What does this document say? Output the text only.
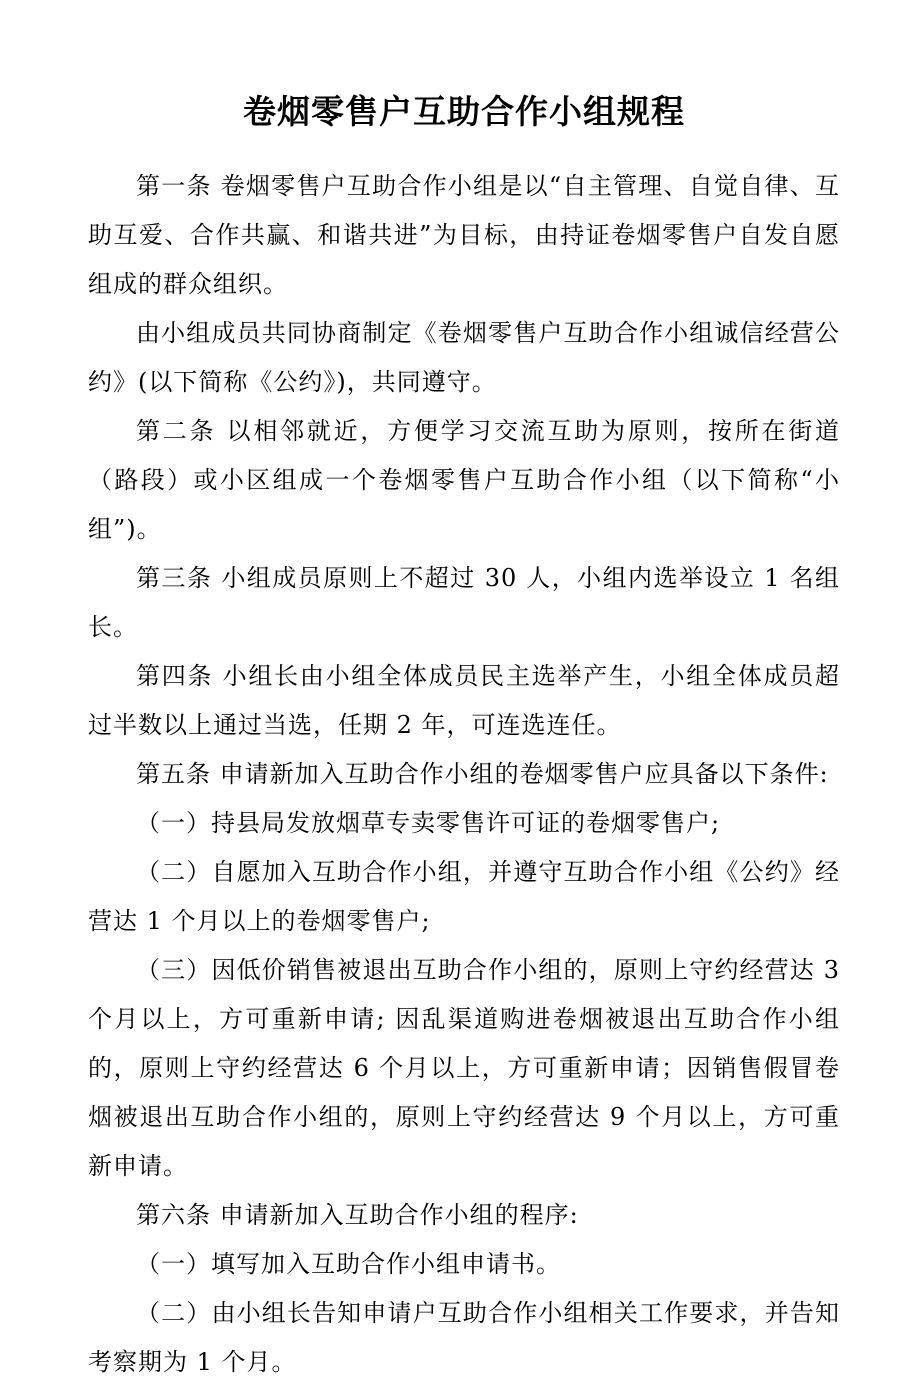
卷烟零售户互助合作小组规程

第一条 卷烟零售户互助合作小组是以“自主管理、自觉自律、互助互爱、合作共赢、和谐共进”为目标，由持证卷烟零售户自发自愿组成的群众组织。

由小组成员共同协商制定《卷烟零售户互助合作小组诚信经营公约》(以下简称《公约》)，共同遵守。

第二条 以相邻就近，方便学习交流互助为原则，按所在街道（路段）或小区组成一个卷烟零售户互助合作小组（以下简称“小组”)。

第三条 小组成员原则上不超过 30 人，小组内选举设立 1 名组长。

第四条 小组长由小组全体成员民主选举产生，小组全体成员超过半数以上通过当选，任期 2 年，可连选连任。

第五条 申请新加入互助合作小组的卷烟零售户应具备以下条件:

（一）持县局发放烟草专卖零售许可证的卷烟零售户;

（二）自愿加入互助合作小组，并遵守互助合作小组《公约》经营达 1 个月以上的卷烟零售户;

（三）因低价销售被退出互助合作小组的，原则上守约经营达 3 个月以上，方可重新申请; 因乱渠道购进卷烟被退出互助合作小组的，原则上守约经营达 6 个月以上，方可重新申请；因销售假冒卷烟被退出互助合作小组的，原则上守约经营达 9 个月以上，方可重新申请。

第六条 申请新加入互助合作小组的程序:

（一）填写加入互助合作小组申请书。

（二）由小组长告知申请户互助合作小组相关工作要求，并告知考察期为 1 个月。
